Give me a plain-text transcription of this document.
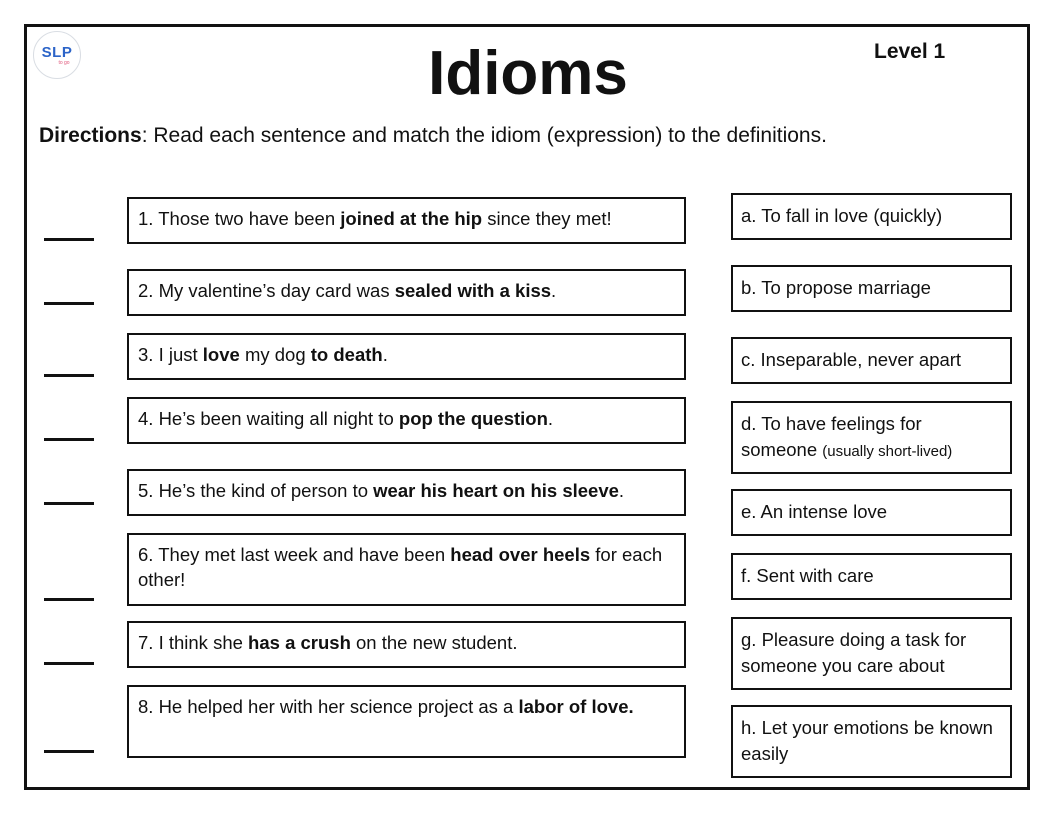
SLP
to go	Idioms	Level 1
Directions: Read each sentence and match the idiom (expression) to the definitions.
1. Those two have been joined at the hip since they met!
2. My valentine’s day card was sealed with a kiss.
3. I just love my dog to death.
4. He’s been waiting all night to pop the question.
5. He’s the kind of person to wear his heart on his sleeve.
6. They met last week and have been head over heels for each other!
7. I think she has a crush on the new student.
8. He helped her with her science project as a labor of love.
a. To fall in love (quickly)
b. To propose marriage
c. Inseparable, never apart
d. To have feelings for someone (usually short-lived)
e. An intense love
f. Sent with care
g. Pleasure doing a task for someone you care about
h. Let your emotions be known easily
